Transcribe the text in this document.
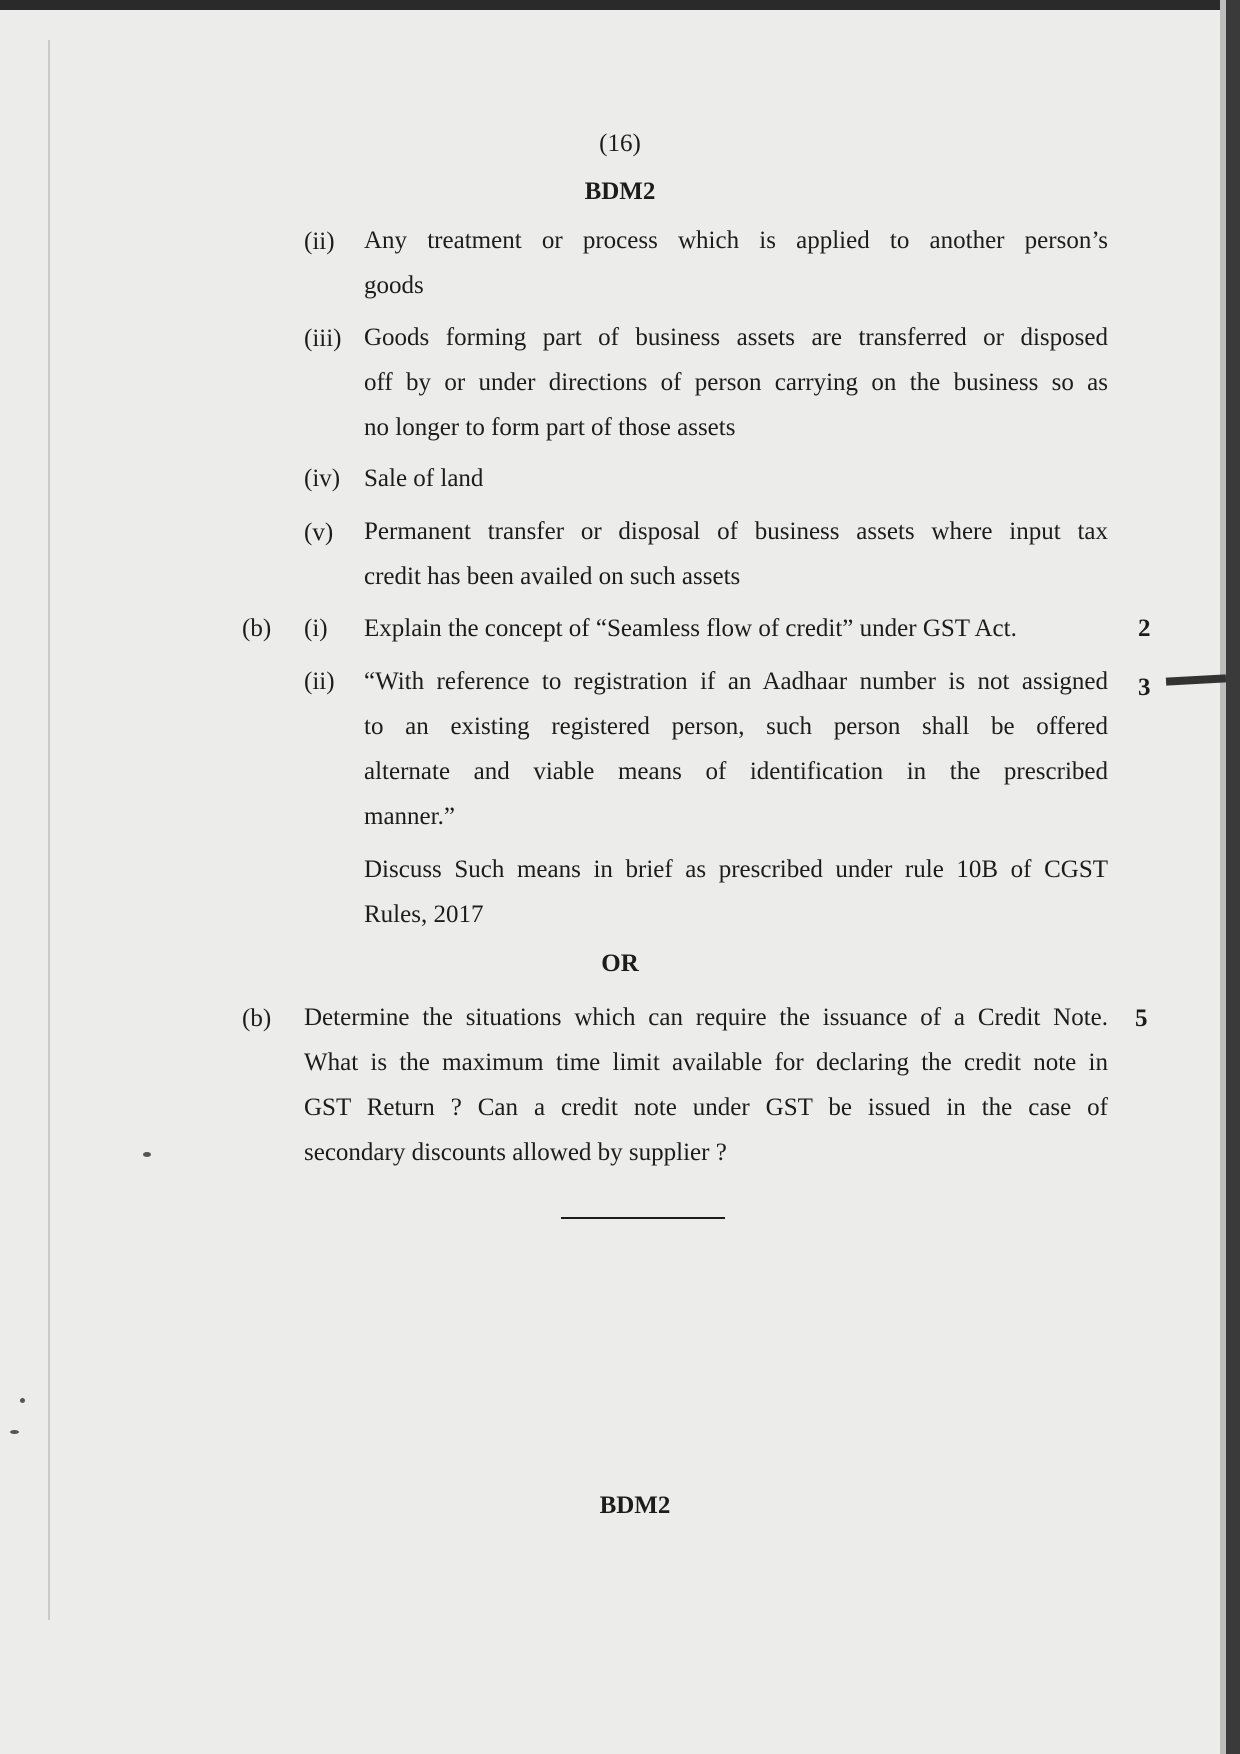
(16)
BDM2
(ii) Any treatment or process which is applied to another person’s
goods
(iii) Goods forming part of business assets are transferred or disposed
off by or under directions of person carrying on the business so as
no longer to form part of those assets
(iv) Sale of land
(v) Permanent transfer or disposal of business assets where input tax
credit has been availed on such assets
(b) (i) Explain the concept of “Seamless flow of credit” under GST Act.	2
(ii)	3
“With reference to registration if an Aadhaar number is not assigned
to an existing registered person, such person shall be offered
alternate and viable means of identification in the prescribed
manner.”
Discuss Such means in brief as prescribed under rule 10B of CGST
Rules, 2017
OR
(b)	5
Determine the situations which can require the issuance of a Credit Note.
What is the maximum time limit available for declaring the credit note in
GST Return ? Can a credit note under GST be issued in the case of
secondary discounts allowed by supplier ?
BDM2
